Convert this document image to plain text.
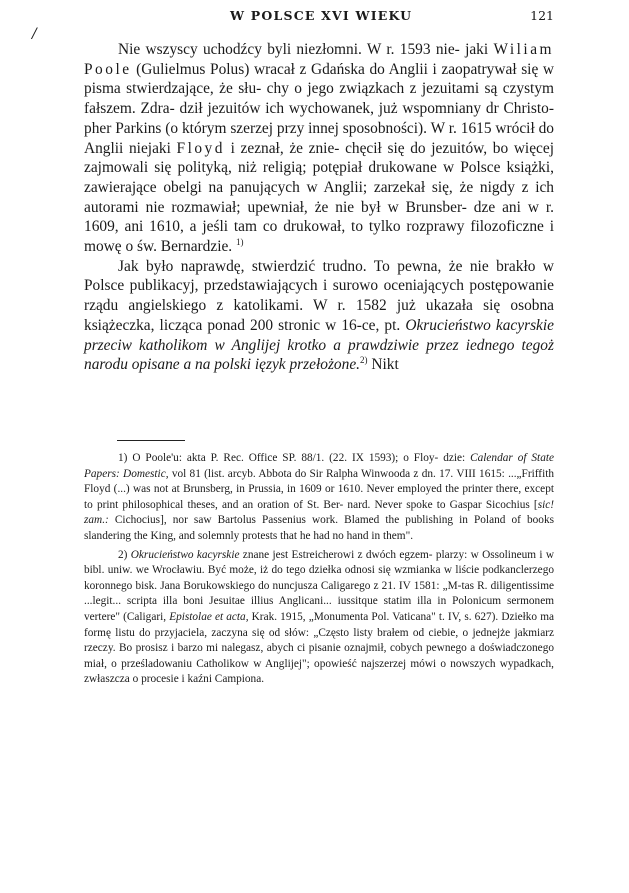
W POLSCE XVI WIEKU	121
/

Nie wszyscy uchodźcy byli niezłomni. W r. 1593 nie- jaki Wiliam Poole (Gulielmus Polus) wracał z Gdańska do Anglii i zaopatrywał się w pisma stwierdzające, że słu- chy o jego związkach z jezuitami są czystym fałszem. Zdra- dził jezuitów ich wychowanek, już wspomniany dr Christo- pher Parkins (o którym szerzej przy innej sposobności). W r. 1615 wrócił do Anglii niejaki Floyd i zeznał, że znie- chęcił się do jezuitów, bo więcej zajmowali się polityką, niż religią; potępiał drukowane w Polsce książki, zawierające obelgi na panujących w Anglii; zarzekał się, że nigdy z ich autorami nie rozmawiał; upewniał, że nie był w Brunsber- dze ani w r. 1609, ani 1610, a jeśli tam co drukował, to tylko rozprawy filozoficzne i mowę o św. Bernardzie. $^{1)}$

Jak było naprawdę, stwierdzić trudno. To pewna, że nie brakło w Polsce publikacyj, przedstawiających i surowo oceniających postępowanie rządu angielskiego z katolikami. W r. 1582 już ukazała się osobna książeczka, licząca ponad 200 stronic w 16-ce, pt. Okrucieństwo kacyrskie przeciw katholikom w Anglijej krotko a prawdziwie przez iednego tegoż narodu opisane a na polski ięzyk przełożone.$^{2)}$ Nikt

1) O Poole'u: akta P. Rec. Office SP. 88/1. (22. IX 1593); o Floy- dzie: Calendar of State Papers: Domestic, vol 81 (list. arcyb. Abbota do Sir Ralpha Winwooda z dn. 17. VIII 1615: ...„Friffith Floyd (...) was not at Brunsberg, in Prussia, in 1609 or 1610. Never employed the printer there, except to print philosophical theses, and an oration of St. Ber- nard. Never spoke to Gaspar Sicochius [sic! zam.: Cichocius], nor saw Bartolus Passenius work. Blamed the publishing in Poland of books slandering the King, and solemnly protests that he had no hand in them".

2) Okrucieństwo kacyrskie znane jest Estreicherowi z dwóch egzem- plarzy: w Ossolineum i w bibl. uniw. we Wrocławiu. Być może, iż do tego dziełka odnosi się wzmianka w liście podkanclerzego koronnego bisk. Jana Borukowskiego do nuncjusza Caligarego z 21. IV 1581: „M-tas R. diligentissime ...legit... scripta illa boni Jesuitae illius Anglicani... iussitque statim illa in Polonicum sermonem vertere" (Caligari, Epistolae et acta, Krak. 1915, „Monumenta Pol. Vaticana" t. IV, s. 627). Dziełko ma formę listu do przyjaciela, zaczyna się od słów: „Często listy brałem od ciebie, o jednejże jakmiarz rzeczy. Bo prosisz i barzo mi nalegasz, abych ci pisanie oznajmił, cobych pewnego a doświadczonego miał, o prześladowaniu Catholikow w Anglijej"; opowieść najszerzej mówi o nowszych wypadkach, zwłaszcza o procesie i kaźni Campiona.
